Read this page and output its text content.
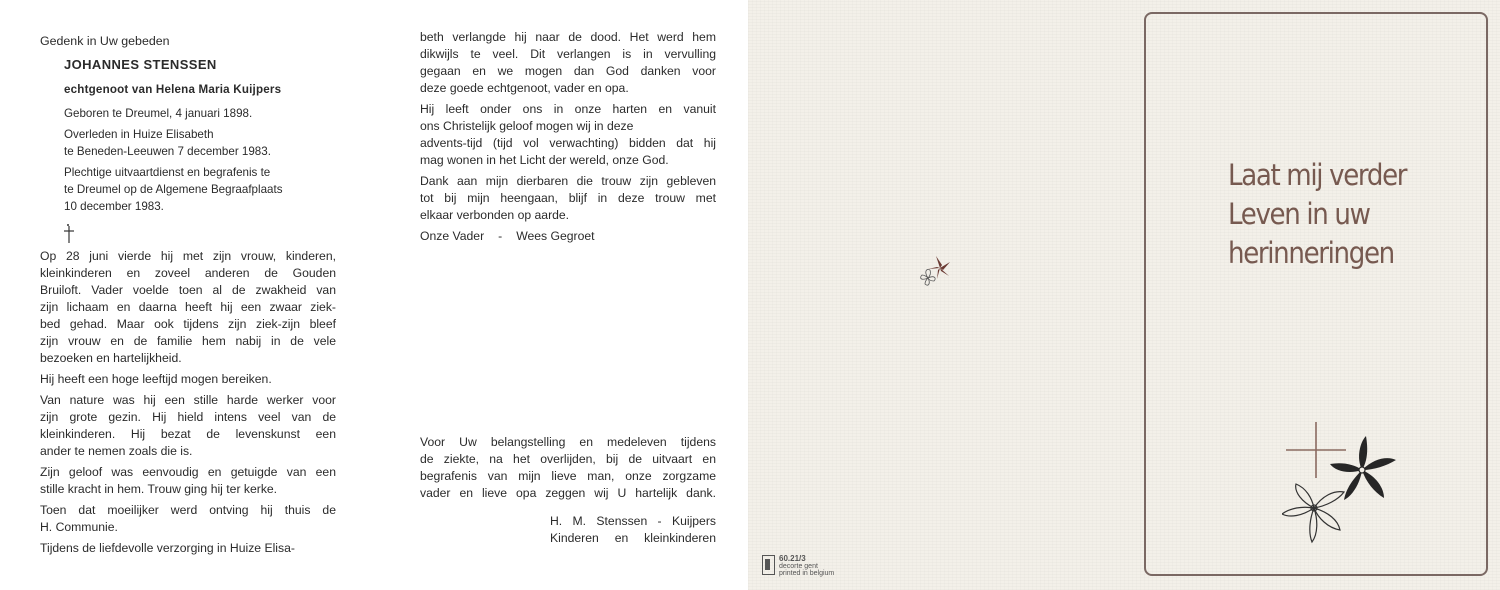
Gedenk in Uw gebeden

JOHANNES STENSSEN

echtgenoot van Helena Maria Kuijpers

Geboren te Dreumel, 4 januari 1898.

Overleden in Huize Elisabeth

te Beneden-Leeuwen 7 december 1983.

Plechtige uitvaartdienst en begrafenis te

te Dreumel op de Algemene Begraafplaats

10 december 1983.

Op 28 juni vierde hij met zijn vrouw, kinderen,

kleinkinderen en zoveel anderen de Gouden

Bruiloft. Vader voelde toen al de zwakheid van

zijn lichaam en daarna heeft hij een zwaar ziek-

bed gehad. Maar ook tijdens zijn ziek-zijn bleef

zijn vrouw en de familie hem nabij in de vele

bezoeken en hartelijkheid.

Hij heeft een hoge leeftijd mogen bereiken.

Van nature was hij een stille harde werker voor

zijn grote gezin. Hij hield intens veel van de

kleinkinderen. Hij bezat de levenskunst een

ander te nemen zoals die is.

Zijn geloof was eenvoudig en getuigde van een

stille kracht in hem. Trouw ging hij ter kerke.

Toen dat moeilijker werd ontving hij thuis de

H. Communie.

Tijdens de liefdevolle verzorging in Huize Elisa-

beth verlangde hij naar de dood. Het werd hem

dikwijls te veel. Dit verlangen is in vervulling

gegaan en we mogen dan God danken voor

deze goede echtgenoot, vader en opa.

Hij leeft onder ons in onze harten en vanuit

ons Christelijk geloof mogen wij in deze

advents-tijd (tijd vol verwachting) bidden dat hij

mag wonen in het Licht der wereld, onze God.

Dank aan mijn dierbaren die trouw zijn gebleven

tot bij mijn heengaan, blijf in deze trouw met

elkaar verbonden op aarde.

Onze Vader - Wees Gegroet

Voor Uw belangstelling en medeleven tijdens

de ziekte, na het overlijden, bij de uitvaart en

begrafenis van mijn lieve man, onze zorgzame

vader en lieve opa zeggen wij U hartelijk dank.

H. M. Stenssen - Kuijpers

Kinderen en kleinkinderen

Laat mij verder
Leven in uw
herinneringen
60.21/3
decorte gent
printed in belgium
